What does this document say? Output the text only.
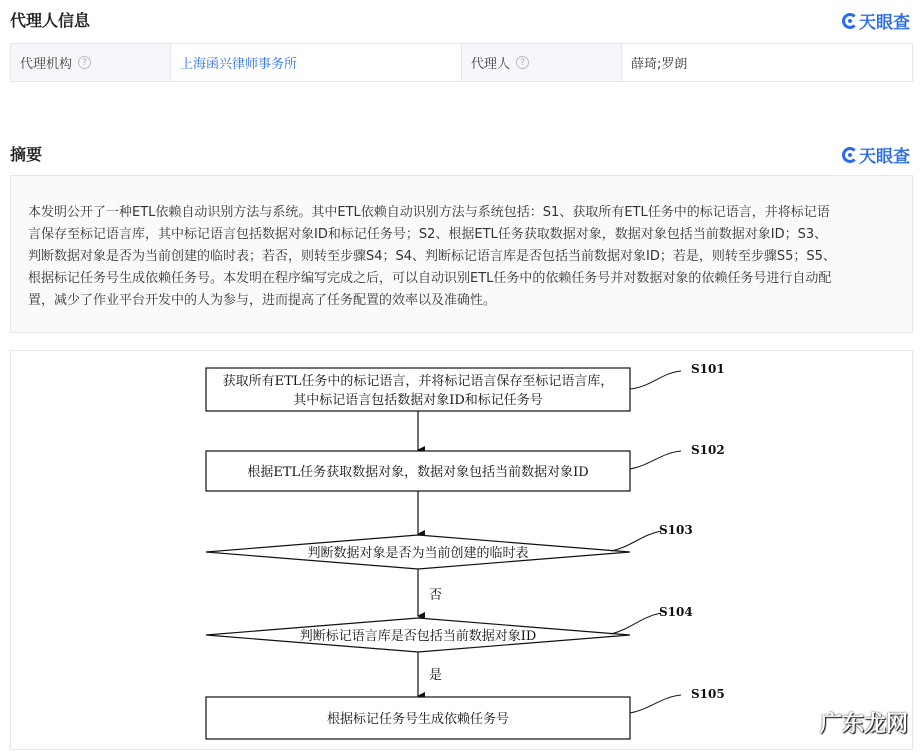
代理人信息	天眼查
代理机构	?	上海函兴律师事务所	代理人	?	薛琦;罗朗
摘要	天眼查
本发明公开了一种ETL依赖自动识别方法与系统。其中ETL依赖自动识别方法与系统包括：S1、获取所有ETL任务中的标记语言，并将标记语
言保存至标记语言库，其中标记语言包括数据对象ID和标记任务号；S2、根据ETL任务获取数据对象，数据对象包括当前数据对象ID；S3、
判断数据对象是否为当前创建的临时表；若否，则转至步骤S4；S4、判断标记语言库是否包括当前数据对象ID；若是，则转至步骤S5；S5、
根据标记任务号生成依赖任务号。本发明在程序编写完成之后，可以自动识别ETL任务中的依赖任务号并对数据对象的依赖任务号进行自动配
置，减少了作业平台开发中的人为参与，进而提高了任务配置的效率以及准确性。
获取所有ETL任务中的标记语言，并将标记语言保存至标记语言库，
其中标记语言包括数据对象ID和标记任务号
S101
根据ETL任务获取数据对象，数据对象包括当前数据对象ID
S102
判断数据对象是否为当前创建的临时表
S103
否
判断标记语言库是否包括当前数据对象ID
S104
是
根据标记任务号生成依赖任务号
S105
广东龙网
